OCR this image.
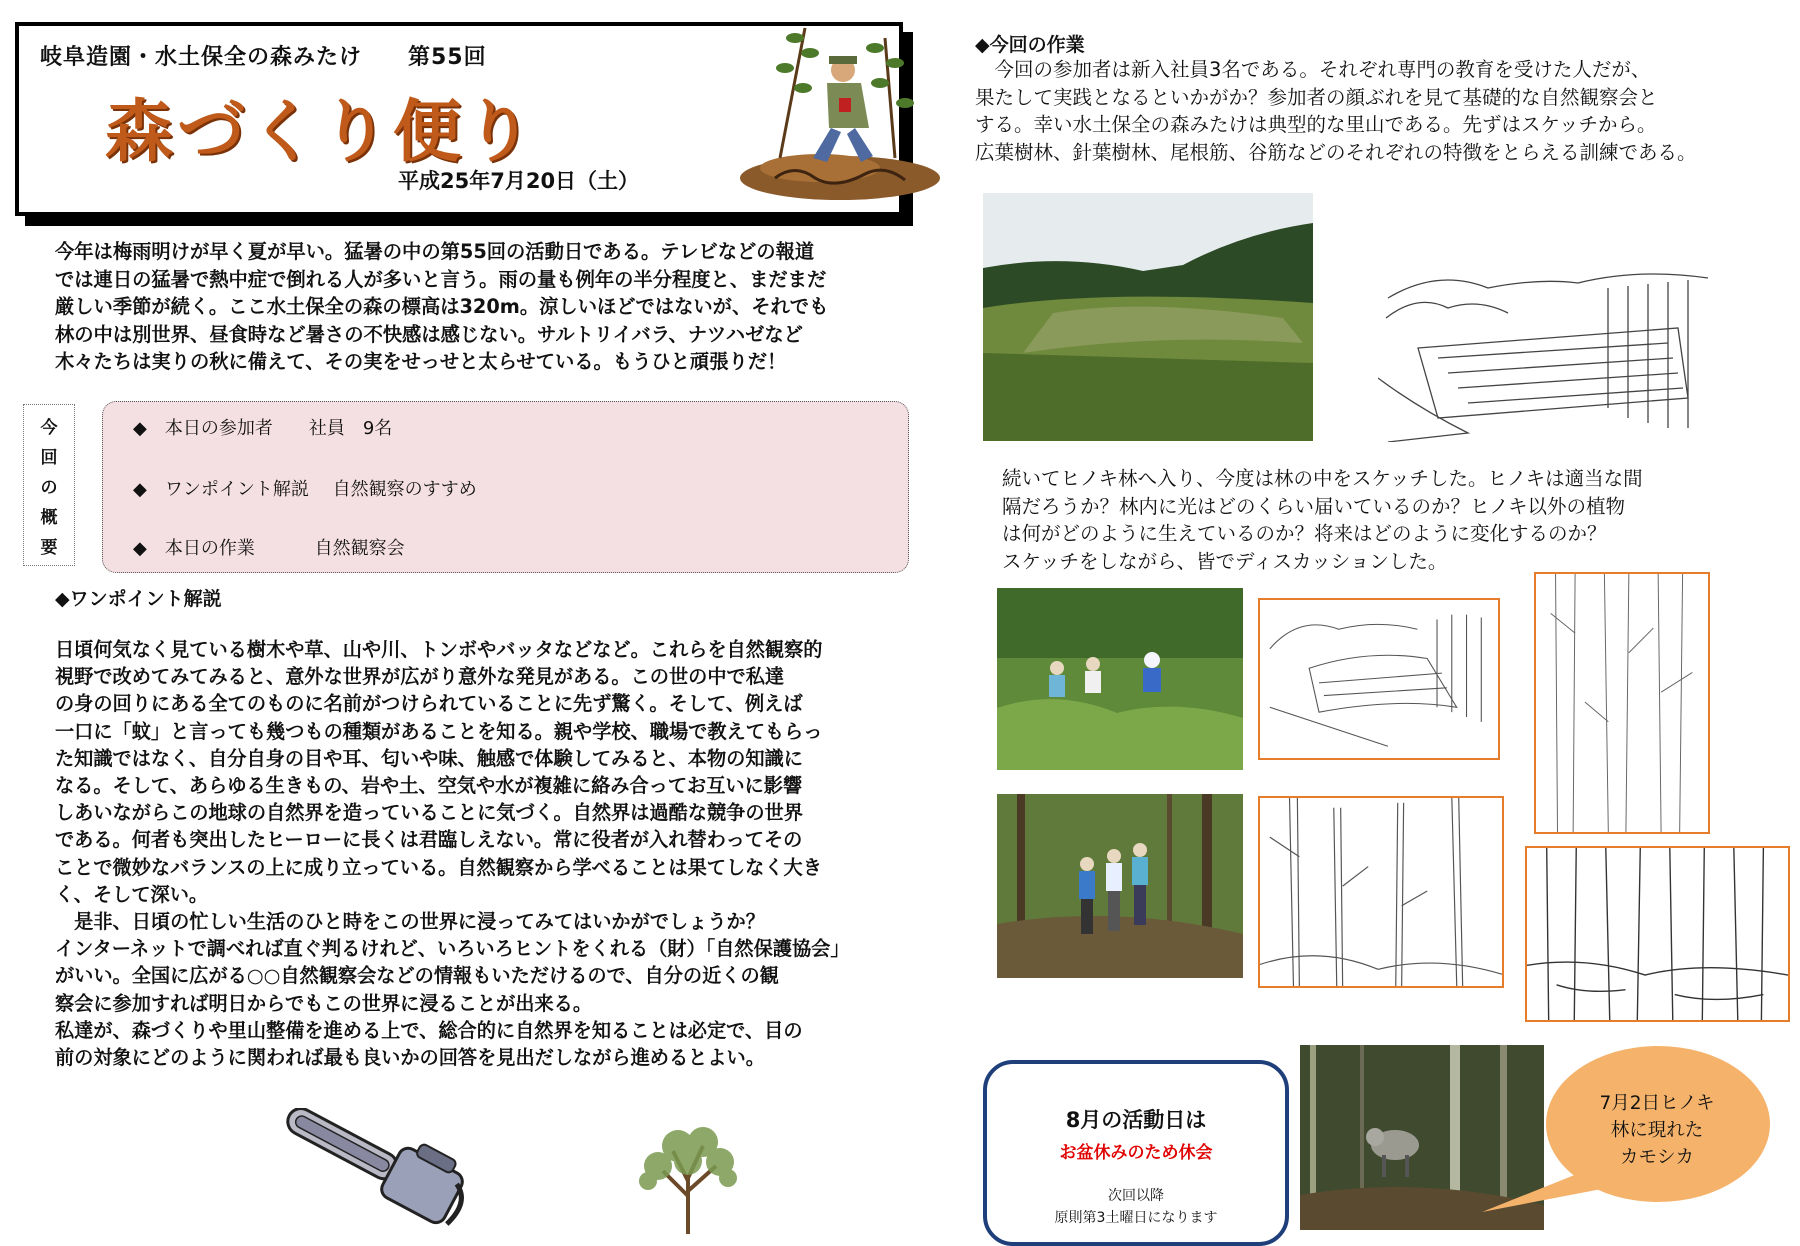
岐阜造園・水土保全の森みたけ　　第55回
森づくり便り
平成25年7月20日（土）
今年は梅雨明けが早く夏が早い。猛暑の中の第55回の活動日である。テレビなどの報道
では連日の猛暑で熱中症で倒れる人が多いと言う。雨の量も例年の半分程度と、まだまだ
厳しい季節が続く。ここ水土保全の森の標高は320m。涼しいほどではないが、それでも
林の中は別世界、昼食時など暑さの不快感は感じない。サルトリイバラ、ナツハゼなど
木々たちは実りの秋に備えて、その実をせっせと太らせている。もうひと頑張りだ！
今
回
の
概
要
◆　本日の参加者　　社員　9名
◆　ワンポイント解説　 自然観察のすすめ
◆　本日の作業　　　 自然観察会
◆ワンポイント解説
日頃何気なく見ている樹木や草、山や川、トンボやバッタなどなど。これらを自然観察的
視野で改めてみてみると、意外な世界が広がり意外な発見がある。この世の中で私達
の身の回りにある全てのものに名前がつけられていることに先ず驚く。そして、例えば
一口に「蚊」と言っても幾つもの種類があることを知る。親や学校、職場で教えてもらっ
た知識ではなく、自分自身の目や耳、匂いや味、触感で体験してみると、本物の知識に
なる。そして、あらゆる生きもの、岩や土、空気や水が複雑に絡み合ってお互いに影響
しあいながらこの地球の自然界を造っていることに気づく。自然界は過酷な競争の世界
である。何者も突出したヒーローに長くは君臨しえない。常に役者が入れ替わってその
ことで微妙なバランスの上に成り立っている。自然観察から学べることは果てしなく大き
く、そして深い。
　是非、日頃の忙しい生活のひと時をこの世界に浸ってみてはいかがでしょうか？
インターネットで調べれば直ぐ判るけれど、いろいろヒントをくれる（財）「自然保護協会」
がいい。全国に広がる○○自然観察会などの情報もいただけるので、自分の近くの観
察会に参加すれば明日からでもこの世界に浸ることが出来る。
私達が、森づくりや里山整備を進める上で、総合的に自然界を知ることは必定で、目の
前の対象にどのように関われば最も良いかの回答を見出だしながら進めるとよい。
◆今回の作業
　今回の参加者は新入社員3名である。それぞれ専門の教育を受けた人だが、
果たして実践となるといかがか？参加者の顔ぶれを見て基礎的な自然観察会と
する。幸い水土保全の森みたけは典型的な里山である。先ずはスケッチから。
広葉樹林、針葉樹林、尾根筋、谷筋などのそれぞれの特徴をとらえる訓練である。
続いてヒノキ林へ入り、今度は林の中をスケッチした。ヒノキは適当な間
隔だろうか？林内に光はどのくらい届いているのか？ヒノキ以外の植物
は何がどのように生えているのか？将来はどのように変化するのか？
スケッチをしながら、皆でディスカッションした。
8月の活動日は
お盆休みのため休会
次回以降
原則第3土曜日になります
7月2日ヒノキ
林に現れた
カモシカ
